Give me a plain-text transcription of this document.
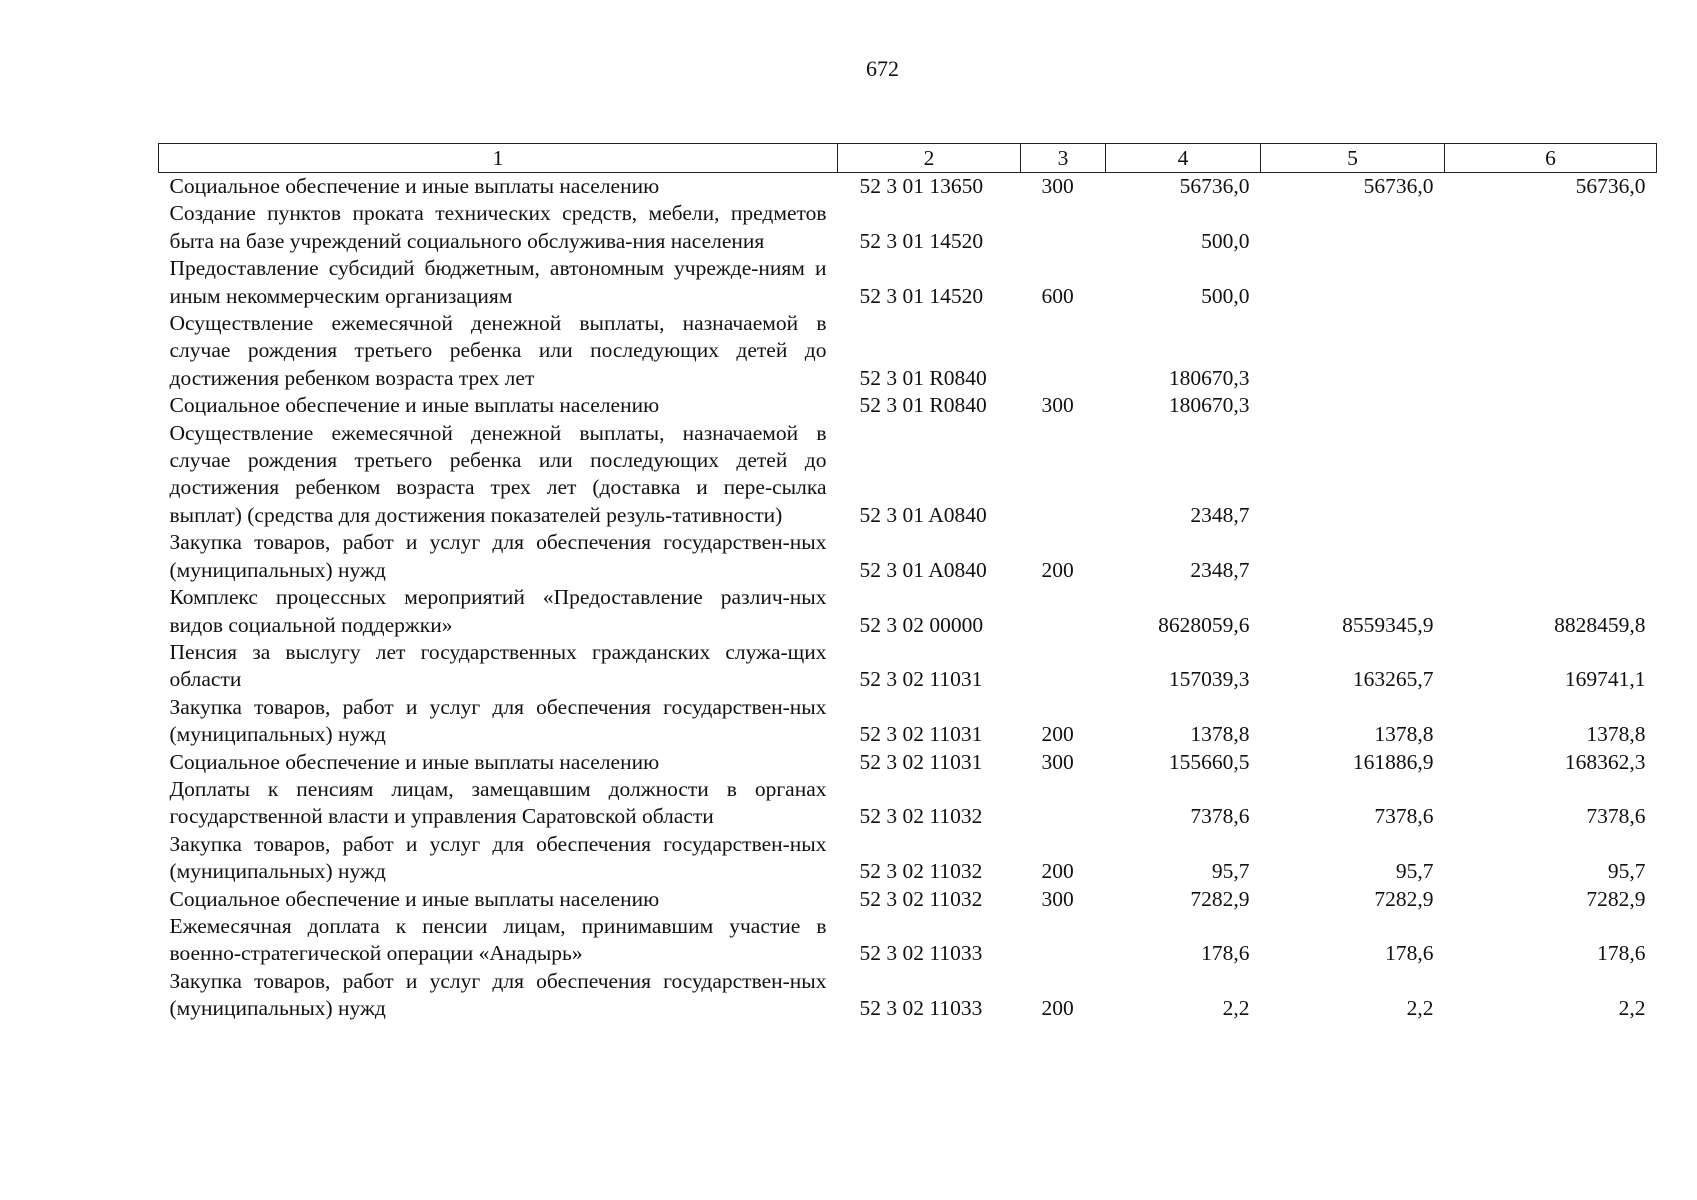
672
1	2	3	4	5	6
Социальное обеспечение и иные выплаты населению	52 3 01 13650	300	56736,0	56736,0	56736,0
Создание пунктов проката технических средств, мебели, предметов быта на базе учреждений социального обслужива-ния населения	52 3 01 14520		500,0		
Предоставление субсидий бюджетным, автономным учрежде-ниям и иным некоммерческим организациям	52 3 01 14520	600	500,0		
Осуществление ежемесячной денежной выплаты, назначаемой в случае рождения третьего ребенка или последующих детей до достижения ребенком возраста трех лет	52 3 01 R0840		180670,3		
Социальное обеспечение и иные выплаты населению	52 3 01 R0840	300	180670,3		
Осуществление ежемесячной денежной выплаты, назначаемой в случае рождения третьего ребенка или последующих детей до достижения ребенком возраста трех лет (доставка и пере-сылка выплат) (средства для достижения показателей резуль-тативности)	52 3 01 A0840		2348,7		
Закупка товаров, работ и услуг для обеспечения государствен-ных (муниципальных) нужд	52 3 01 A0840	200	2348,7		
Комплекс процессных мероприятий «Предоставление различ-ных видов социальной поддержки»	52 3 02 00000		8628059,6	8559345,9	8828459,8
Пенсия за выслугу лет государственных гражданских служа-щих области	52 3 02 11031		157039,3	163265,7	169741,1
Закупка товаров, работ и услуг для обеспечения государствен-ных (муниципальных) нужд	52 3 02 11031	200	1378,8	1378,8	1378,8
Социальное обеспечение и иные выплаты населению	52 3 02 11031	300	155660,5	161886,9	168362,3
Доплаты к пенсиям лицам, замещавшим должности в органах государственной власти и управления Саратовской области	52 3 02 11032		7378,6	7378,6	7378,6
Закупка товаров, работ и услуг для обеспечения государствен-ных (муниципальных) нужд	52 3 02 11032	200	95,7	95,7	95,7
Социальное обеспечение и иные выплаты населению	52 3 02 11032	300	7282,9	7282,9	7282,9
Ежемесячная доплата к пенсии лицам, принимавшим участие в военно-стратегической операции «Анадырь»	52 3 02 11033		178,6	178,6	178,6
Закупка товаров, работ и услуг для обеспечения государствен-ных (муниципальных) нужд	52 3 02 11033	200	2,2	2,2	2,2
